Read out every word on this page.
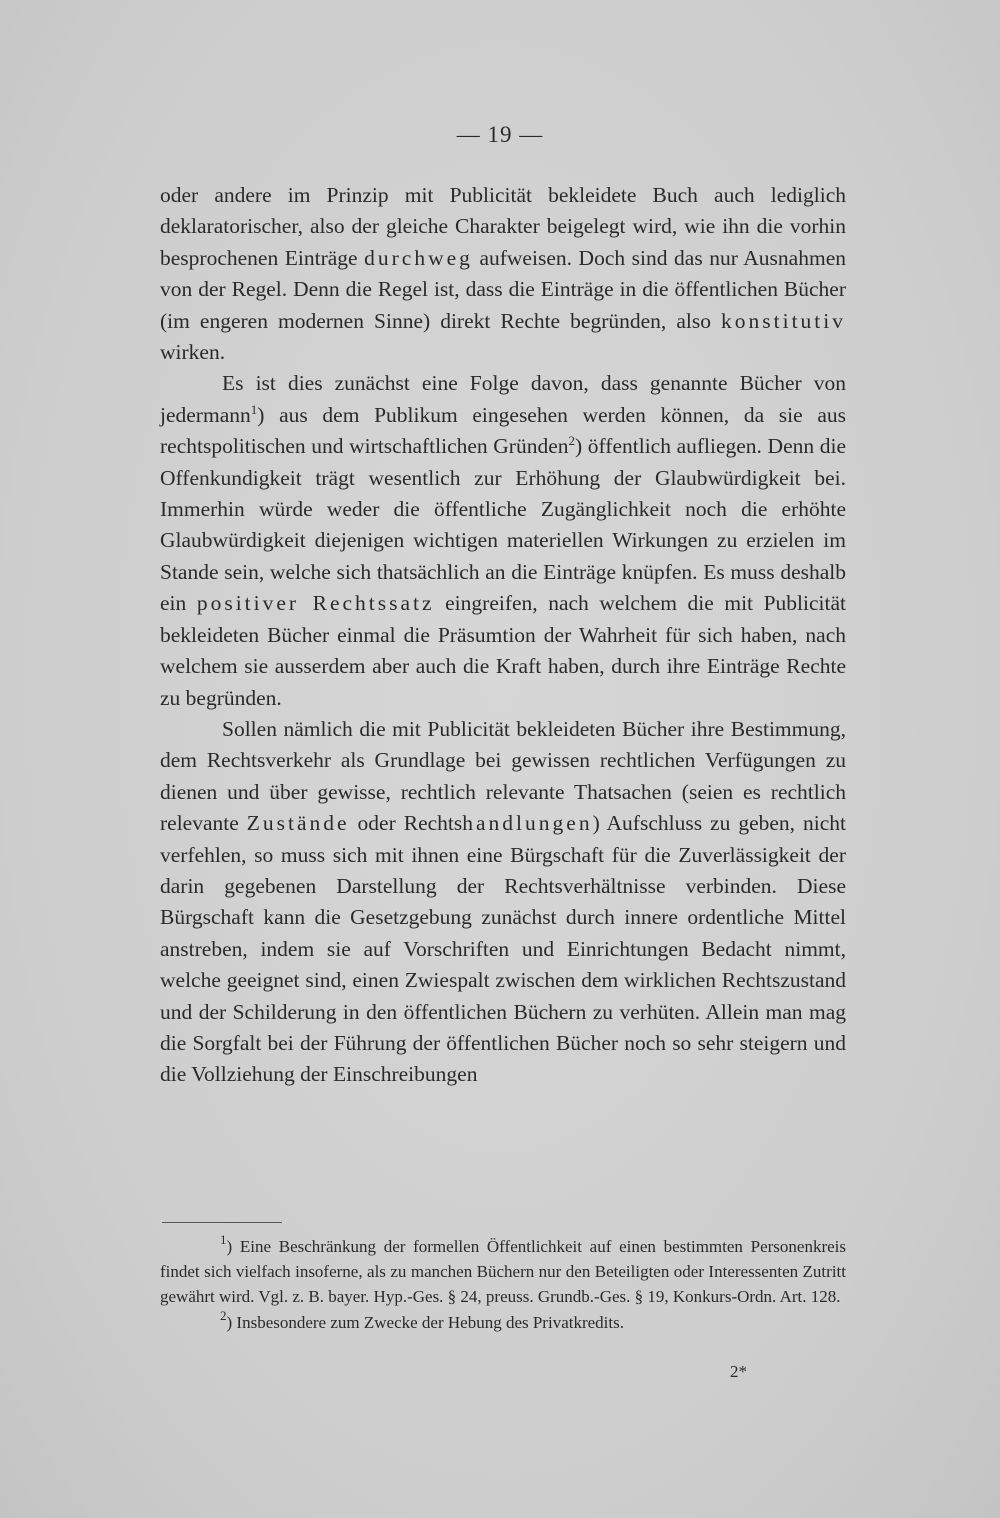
— 19 —

oder andere im Prinzip mit Publicität bekleidete Buch auch lediglich deklaratorischer, also der gleiche Charakter beigelegt wird, wie ihn die vorhin besprochenen Einträge durchweg aufweisen. Doch sind das nur Ausnahmen von der Regel. Denn die Regel ist, dass die Einträge in die öffentlichen Bücher (im engeren modernen Sinne) direkt Rechte begründen, also konstitutiv wirken.

Es ist dies zunächst eine Folge davon, dass genannte Bücher von jedermann$^1$) aus dem Publikum eingesehen werden können, da sie aus rechtspolitischen und wirtschaftlichen Gründen$^2$) öffentlich aufliegen. Denn die Offenkundigkeit trägt wesentlich zur Erhöhung der Glaubwürdigkeit bei. Immerhin würde weder die öffentliche Zugänglichkeit noch die erhöhte Glaubwürdigkeit diejenigen wichtigen materiellen Wirkungen zu erzielen im Stande sein, welche sich thatsächlich an die Einträge knüpfen. Es muss deshalb ein positiver Rechtssatz eingreifen, nach welchem die mit Publicität bekleideten Bücher einmal die Präsumtion der Wahrheit für sich haben, nach welchem sie ausserdem aber auch die Kraft haben, durch ihre Einträge Rechte zu begründen.

Sollen nämlich die mit Publicität bekleideten Bücher ihre Bestimmung, dem Rechtsverkehr als Grundlage bei gewissen rechtlichen Verfügungen zu dienen und über gewisse, rechtlich relevante Thatsachen (seien es rechtlich relevante Zustände oder Rechtshandlungen) Aufschluss zu geben, nicht verfehlen, so muss sich mit ihnen eine Bürgschaft für die Zuverlässigkeit der darin gegebenen Darstellung der Rechtsverhältnisse verbinden. Diese Bürgschaft kann die Gesetzgebung zunächst durch innere ordentliche Mittel anstreben, indem sie auf Vorschriften und Einrichtungen Bedacht nimmt, welche geeignet sind, einen Zwiespalt zwischen dem wirklichen Rechtszustand und der Schilderung in den öffentlichen Büchern zu verhüten. Allein man mag die Sorgfalt bei der Führung der öffentlichen Bücher noch so sehr steigern und die Vollziehung der Einschreibungen

$^1$) Eine Beschränkung der formellen Öffentlichkeit auf einen bestimmten Personenkreis findet sich vielfach insoferne, als zu manchen Büchern nur den Beteiligten oder Interessenten Zutritt gewährt wird. Vgl. z. B. bayer. Hyp.-Ges. § 24, preuss. Grundb.-Ges. § 19, Konkurs-Ordn. Art. 128.

$^2$) Insbesondere zum Zwecke der Hebung des Privatkredits.

2*
